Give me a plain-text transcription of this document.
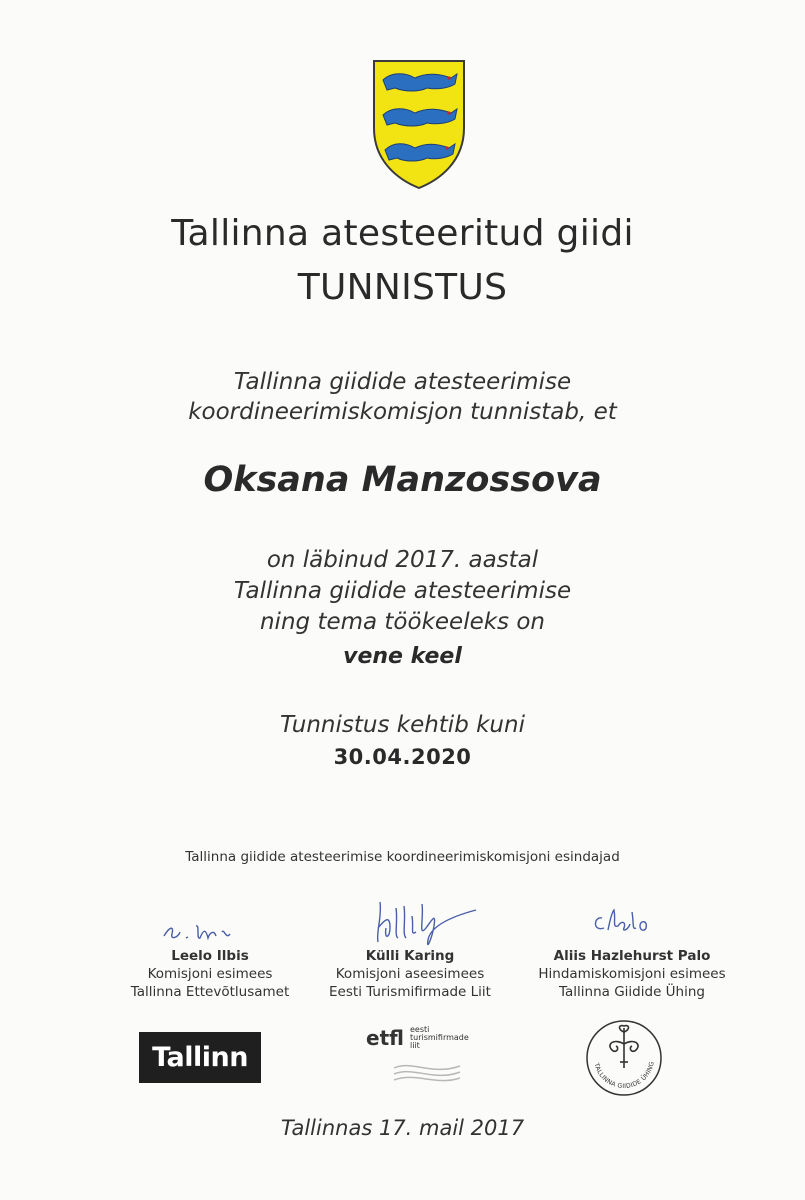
Tallinna atesteeritud giidi
TUNNISTUS
Tallinna giidide atesteerimise
koordineerimiskomisjon tunnistab, et
Oksana Manzossova
on läbinud 2017. aastal
Tallinna giidide atesteerimise
ning tema töökeeleks on
vene keel
Tunnistus kehtib kuni
30.04.2020
Tallinna giidide atesteerimise koordineerimiskomisjoni esindajad
Leelo Ilbis
Komisjoni esimees
Tallinna Ettevõtlusamet
Külli Karing
Komisjoni aseesimees
Eesti Turismifirmade Liit
Aliis Hazlehurst Palo
Hindamiskomisjoni esimees
Tallinna Giidide Ühing
Tallinn
etfl eesti
turismifirmade
liit
TALLINNA GIIDIDE ÜHING
Tallinnas 17. mail 2017
